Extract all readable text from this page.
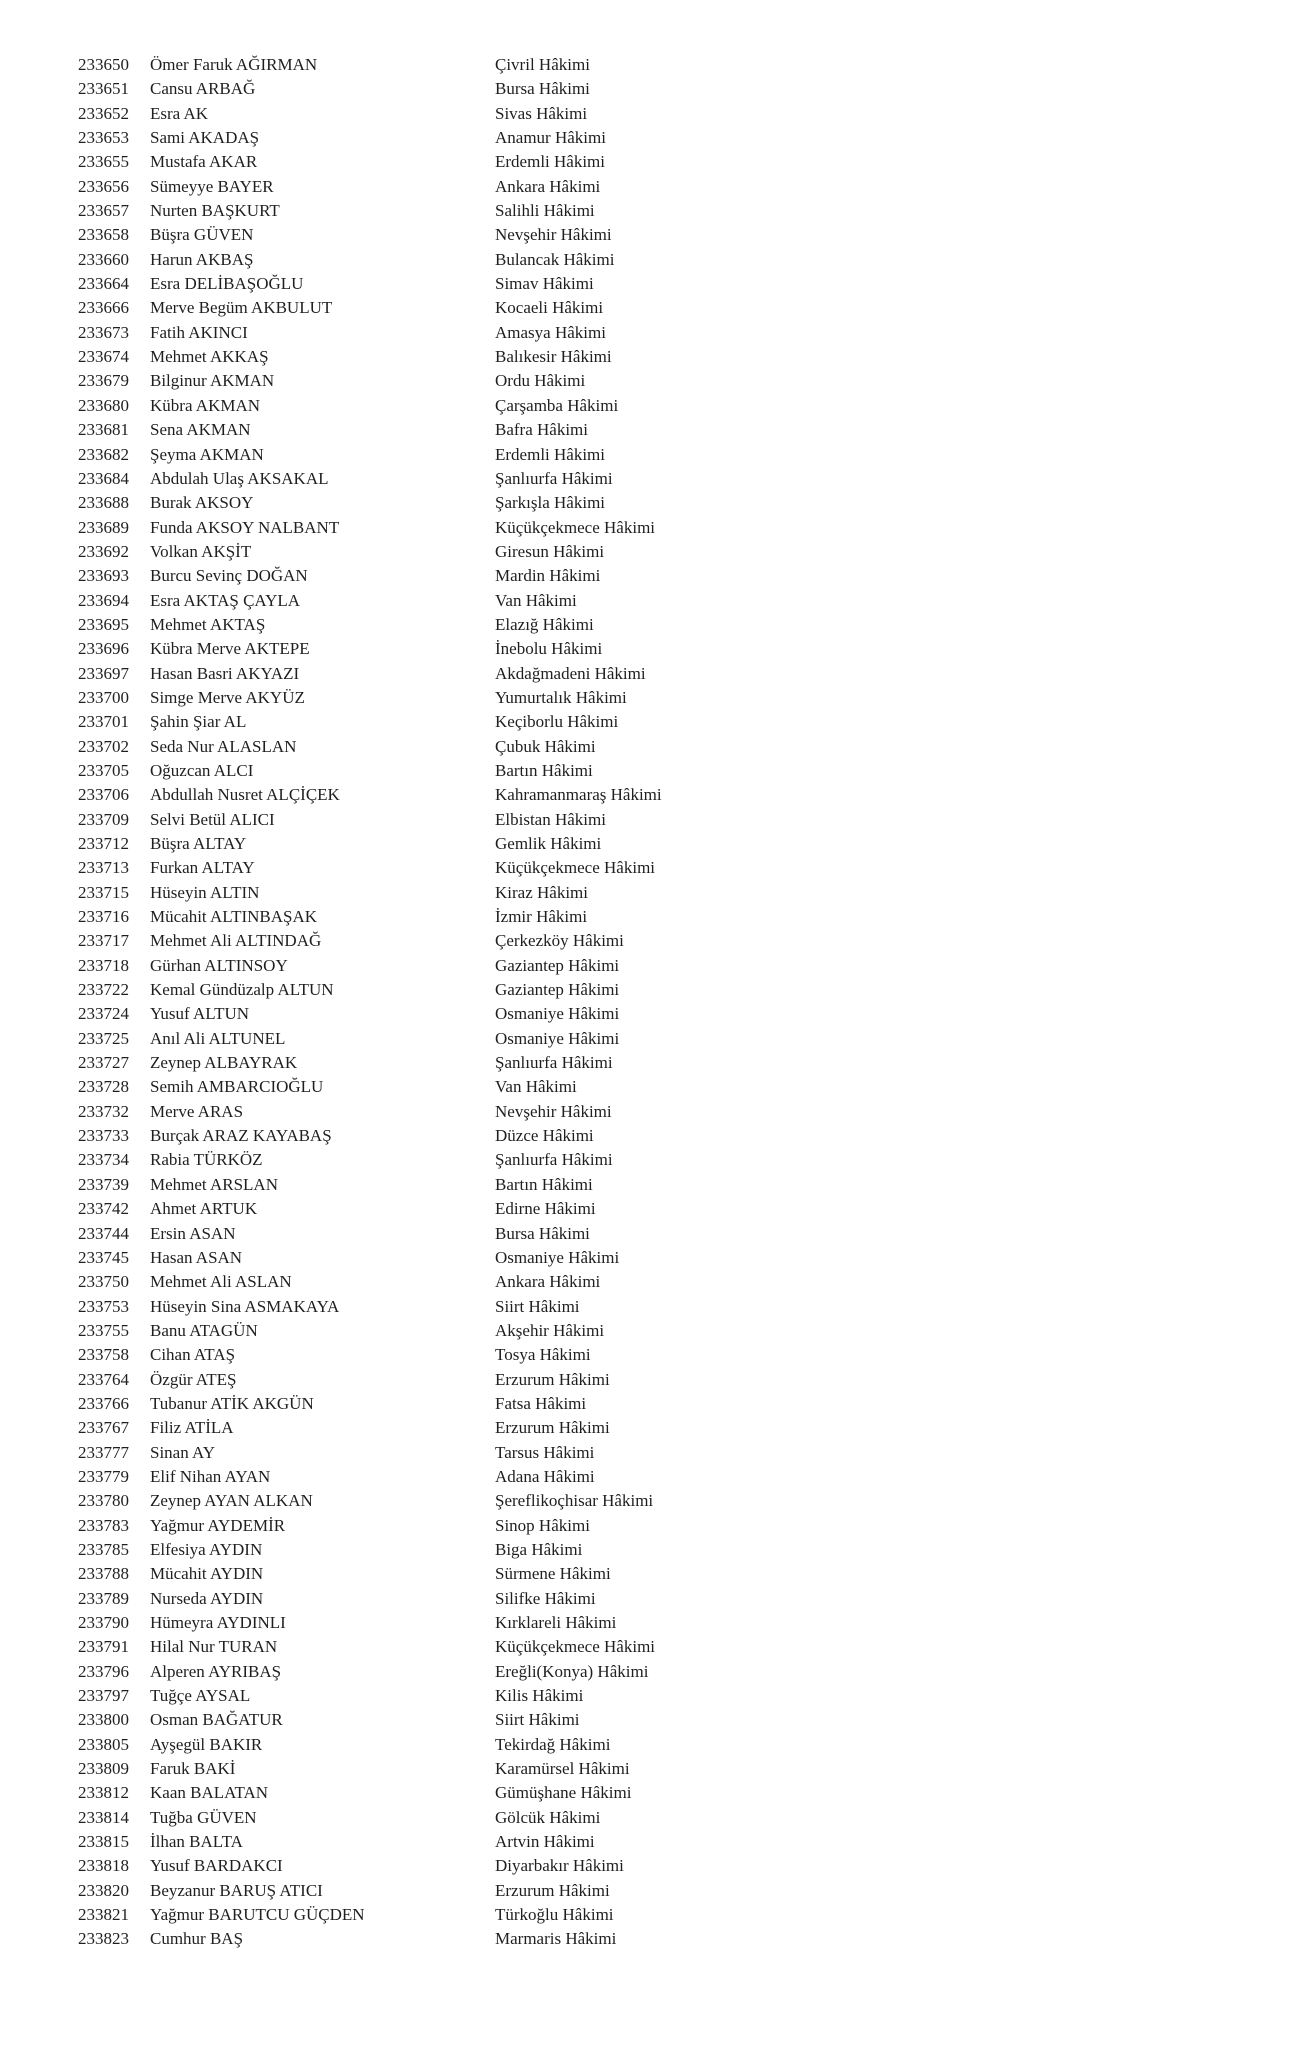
233650	Ömer Faruk AĞIRMAN	Çivril Hâkimi
233651	Cansu ARBAĞ	Bursa Hâkimi
233652	Esra AK	Sivas Hâkimi
233653	Sami AKADAŞ	Anamur Hâkimi
233655	Mustafa AKAR	Erdemli Hâkimi
233656	Sümeyye BAYER	Ankara Hâkimi
233657	Nurten BAŞKURT	Salihli Hâkimi
233658	Büşra GÜVEN	Nevşehir Hâkimi
233660	Harun AKBAŞ	Bulancak Hâkimi
233664	Esra DELİBAŞOĞLU	Simav Hâkimi
233666	Merve Begüm AKBULUT	Kocaeli Hâkimi
233673	Fatih AKINCI	Amasya Hâkimi
233674	Mehmet AKKAŞ	Balıkesir Hâkimi
233679	Bilginur AKMAN	Ordu Hâkimi
233680	Kübra AKMAN	Çarşamba Hâkimi
233681	Sena AKMAN	Bafra Hâkimi
233682	Şeyma AKMAN	Erdemli Hâkimi
233684	Abdulah Ulaş AKSAKAL	Şanlıurfa Hâkimi
233688	Burak AKSOY	Şarkışla Hâkimi
233689	Funda AKSOY NALBANT	Küçükçekmece Hâkimi
233692	Volkan AKŞİT	Giresun Hâkimi
233693	Burcu Sevinç DOĞAN	Mardin Hâkimi
233694	Esra AKTAŞ ÇAYLA	Van Hâkimi
233695	Mehmet AKTAŞ	Elazığ Hâkimi
233696	Kübra Merve AKTEPE	İnebolu Hâkimi
233697	Hasan Basri AKYAZI	Akdağmadeni Hâkimi
233700	Simge Merve AKYÜZ	Yumurtalık Hâkimi
233701	Şahin Şiar AL	Keçiborlu Hâkimi
233702	Seda Nur ALASLAN	Çubuk Hâkimi
233705	Oğuzcan ALCI	Bartın Hâkimi
233706	Abdullah Nusret ALÇİÇEK	Kahramanmaraş Hâkimi
233709	Selvi Betül ALICI	Elbistan Hâkimi
233712	Büşra ALTAY	Gemlik Hâkimi
233713	Furkan ALTAY	Küçükçekmece Hâkimi
233715	Hüseyin ALTIN	Kiraz Hâkimi
233716	Mücahit ALTINBAŞAK	İzmir Hâkimi
233717	Mehmet Ali ALTINDAĞ	Çerkezköy Hâkimi
233718	Gürhan ALTINSOY	Gaziantep Hâkimi
233722	Kemal Gündüzalp ALTUN	Gaziantep Hâkimi
233724	Yusuf ALTUN	Osmaniye Hâkimi
233725	Anıl Ali ALTUNEL	Osmaniye Hâkimi
233727	Zeynep ALBAYRAK	Şanlıurfa Hâkimi
233728	Semih AMBARCIOĞLU	Van Hâkimi
233732	Merve ARAS	Nevşehir Hâkimi
233733	Burçak ARAZ KAYABAŞ	Düzce Hâkimi
233734	Rabia TÜRKÖZ	Şanlıurfa Hâkimi
233739	Mehmet ARSLAN	Bartın Hâkimi
233742	Ahmet ARTUK	Edirne Hâkimi
233744	Ersin ASAN	Bursa Hâkimi
233745	Hasan ASAN	Osmaniye Hâkimi
233750	Mehmet Ali ASLAN	Ankara Hâkimi
233753	Hüseyin Sina ASMAKAYA	Siirt Hâkimi
233755	Banu ATAGÜN	Akşehir Hâkimi
233758	Cihan ATAŞ	Tosya Hâkimi
233764	Özgür ATEŞ	Erzurum Hâkimi
233766	Tubanur ATİK AKGÜN	Fatsa Hâkimi
233767	Filiz ATİLA	Erzurum Hâkimi
233777	Sinan AY	Tarsus Hâkimi
233779	Elif Nihan AYAN	Adana Hâkimi
233780	Zeynep AYAN ALKAN	Şereflikoçhisar Hâkimi
233783	Yağmur AYDEMİR	Sinop Hâkimi
233785	Elfesiya AYDIN	Biga Hâkimi
233788	Mücahit AYDIN	Sürmene Hâkimi
233789	Nurseda AYDIN	Silifke Hâkimi
233790	Hümeyra AYDINLI	Kırklareli Hâkimi
233791	Hilal Nur TURAN	Küçükçekmece Hâkimi
233796	Alperen AYRIBAŞ	Ereğli(Konya) Hâkimi
233797	Tuğçe AYSAL	Kilis Hâkimi
233800	Osman BAĞATUR	Siirt Hâkimi
233805	Ayşegül BAKIR	Tekirdağ Hâkimi
233809	Faruk BAKİ	Karamürsel Hâkimi
233812	Kaan BALATAN	Gümüşhane Hâkimi
233814	Tuğba GÜVEN	Gölcük Hâkimi
233815	İlhan BALTA	Artvin Hâkimi
233818	Yusuf BARDAKCI	Diyarbakır Hâkimi
233820	Beyzanur BARUŞ ATICI	Erzurum Hâkimi
233821	Yağmur BARUTCU GÜÇDEN	Türkoğlu Hâkimi
233823	Cumhur BAŞ	Marmaris Hâkimi
